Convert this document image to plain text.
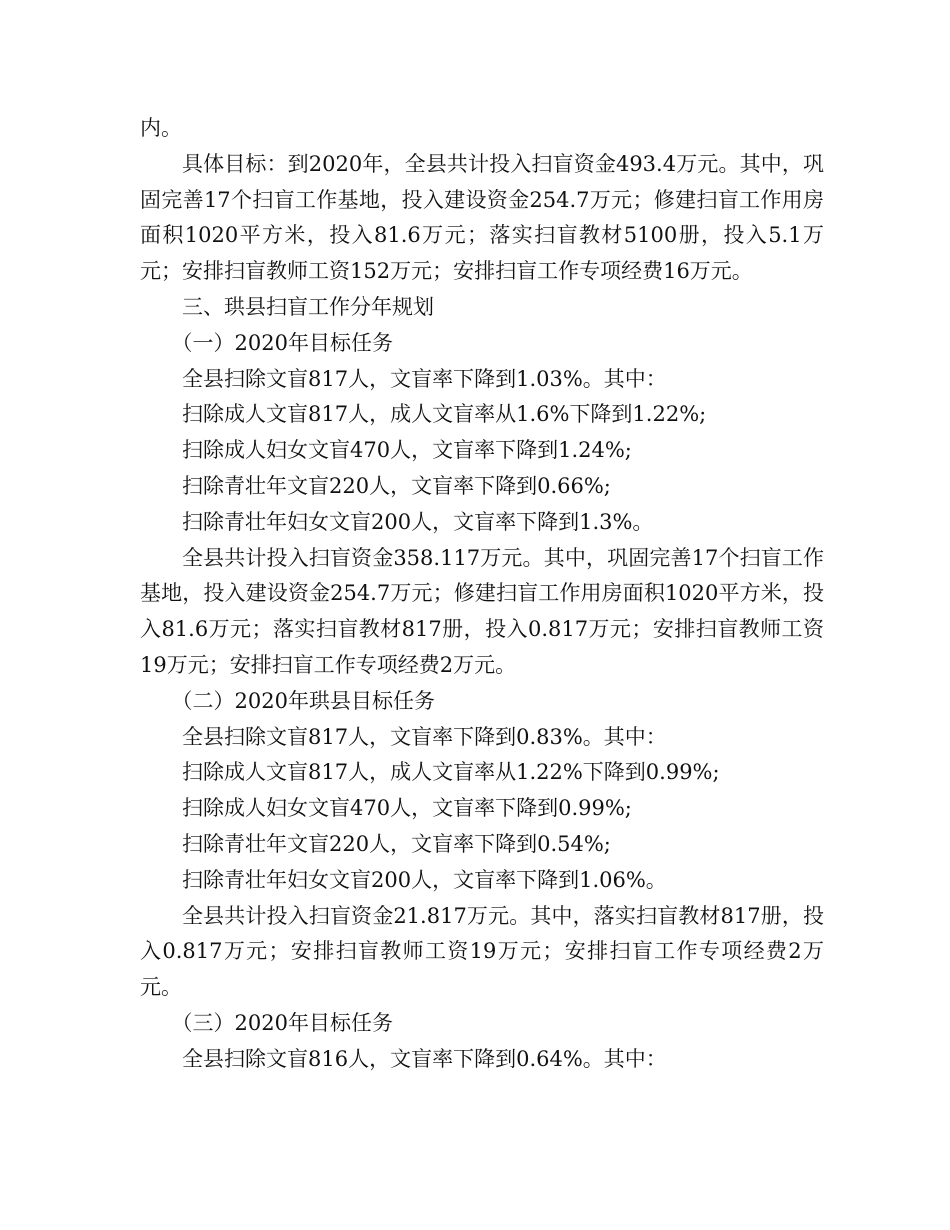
内。

具体目标：到2020年，全县共计投入扫盲资金493.4万元。其中，巩固完善17个扫盲工作基地，投入建设资金254.7万元；修建扫盲工作用房面积1020平方米，投入81.6万元；落实扫盲教材5100册，投入5.1万元；安排扫盲教师工资152万元；安排扫盲工作专项经费16万元。

三、珙县扫盲工作分年规划

（一）2020年目标任务

全县扫除文盲817人，文盲率下降到1.03%。其中：

扫除成人文盲817人，成人文盲率从1.6%下降到1.22%;

扫除成人妇女文盲470人，文盲率下降到1.24%;

扫除青壮年文盲220人，文盲率下降到0.66%;

扫除青壮年妇女文盲200人，文盲率下降到1.3%。

全县共计投入扫盲资金358.117万元。其中，巩固完善17个扫盲工作基地，投入建设资金254.7万元；修建扫盲工作用房面积1020平方米，投入81.6万元；落实扫盲教材817册，投入0.817万元；安排扫盲教师工资19万元；安排扫盲工作专项经费2万元。

（二）2020年珙县目标任务

全县扫除文盲817人，文盲率下降到0.83%。其中：

扫除成人文盲817人，成人文盲率从1.22%下降到0.99%;

扫除成人妇女文盲470人，文盲率下降到0.99%;

扫除青壮年文盲220人，文盲率下降到0.54%;

扫除青壮年妇女文盲200人，文盲率下降到1.06%。

全县共计投入扫盲资金21.817万元。其中，落实扫盲教材817册，投入0.817万元；安排扫盲教师工资19万元；安排扫盲工作专项经费2万元。

（三）2020年目标任务

全县扫除文盲816人，文盲率下降到0.64%。其中：
